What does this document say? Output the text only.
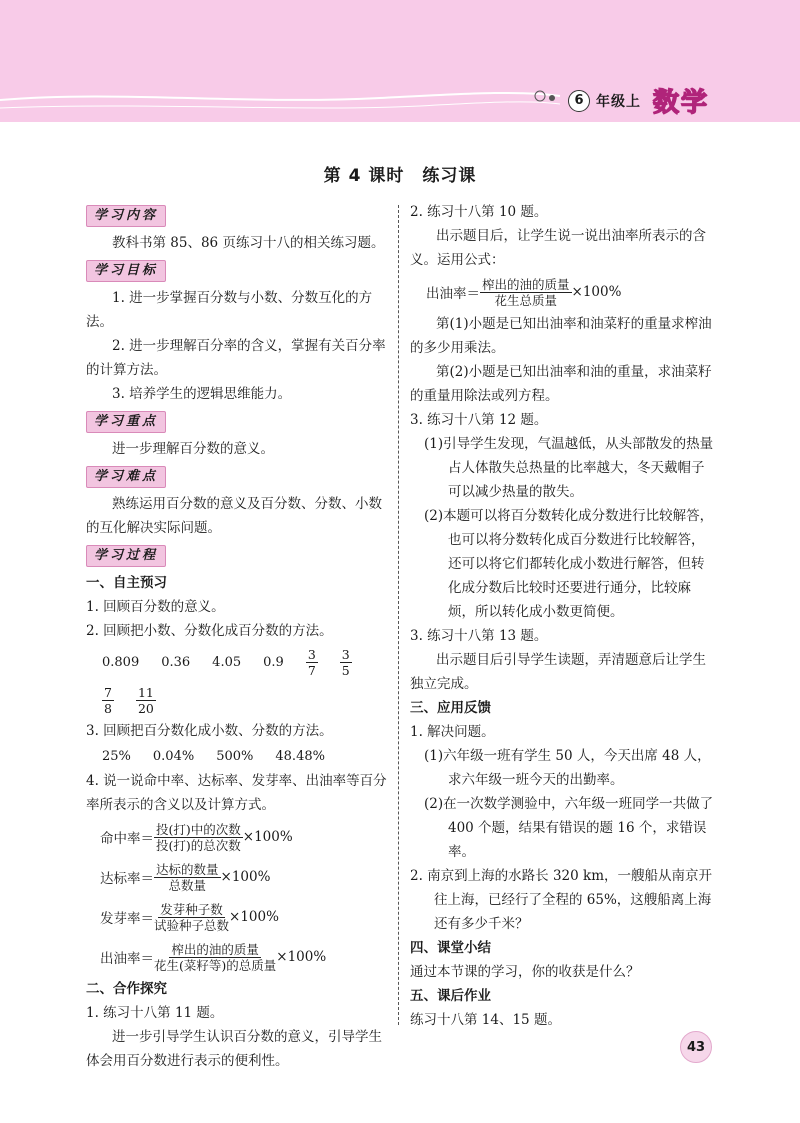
6 年级上 数学
第 4 课时　练习课
学习内容

教科书第 85、86 页练习十八的相关练习题。

学习目标

1. 进一步掌握百分数与小数、分数互化的方法。

2. 进一步理解百分率的含义，掌握有关百分率的计算方法。

3. 培养学生的逻辑思维能力。

学习重点

进一步理解百分数的意义。

学习难点

熟练运用百分数的意义及百分数、分数、小数的互化解决实际问题。

学习过程

一、自主预习

1. 回顾百分数的意义。

2. 回顾把小数、分数化成百分数的方法。

0.809 0.36 4.05 $0.9 \frac{3}{7} \frac{3}{5}$
$\frac{7}{8} \frac{11}{20}$

3. 回顾把百分数化成小数、分数的方法。

25% 0.04% 500% 48.48%

4. 说一说命中率、达标率、发芽率、出油率等百分率所表示的含义以及计算方式。

命中率＝ $\frac{\text{投(打)中的次数}}{\text{投(打)的总次数}} \times 100\%$
达标率＝ $\frac{\text{达标的数量}}{\text{总数量}} \times 100\%$
发芽率＝ $\frac{\text{发芽种子数}}{\text{试验种子总数}} \times 100\%$
出油率＝ $\frac{\text{榨出的油的质量}}{\text{花生(菜籽等)的总质量}} \times 100\%$

二、合作探究

1. 练习十八第 11 题。

进一步引导学生认识百分数的意义，引导学生体会用百分数进行表示的便利性。

2. 练习十八第 10 题。

出示题目后，让学生说一说出油率所表示的含义。运用公式：

出油率＝ $\frac{\text{榨出的油的质量}}{\text{花生总质量}} \times 100\%$

第(1)小题是已知出油率和油菜籽的重量求榨油的多少用乘法。

第(2)小题是已知出油率和油的重量，求油菜籽的重量用除法或列方程。

3. 练习十八第 12 题。

(1)引导学生发现，气温越低，从头部散发的热量占人体散失总热量的比率越大，冬天戴帽子可以减少热量的散失。

(2)本题可以将百分数转化成分数进行比较解答，也可以将分数转化成百分数进行比较解答，还可以将它们都转化成小数进行解答，但转化成分数后比较时还要进行通分，比较麻烦，所以转化成小数更简便。

3. 练习十八第 13 题。

出示题目后引导学生读题，弄清题意后让学生独立完成。

三、应用反馈

1. 解决问题。

(1)六年级一班有学生 50 人，今天出席 48 人，求六年级一班今天的出勤率。

(2)在一次数学测验中，六年级一班同学一共做了 400 个题，结果有错误的题 16 个，求错误率。

2. 南京到上海的水路长 320 km，一艘船从南京开往上海，已经行了全程的 65%，这艘船离上海还有多少千米？

四、课堂小结

通过本节课的学习，你的收获是什么？

五、课后作业

练习十八第 14、15 题。

43
